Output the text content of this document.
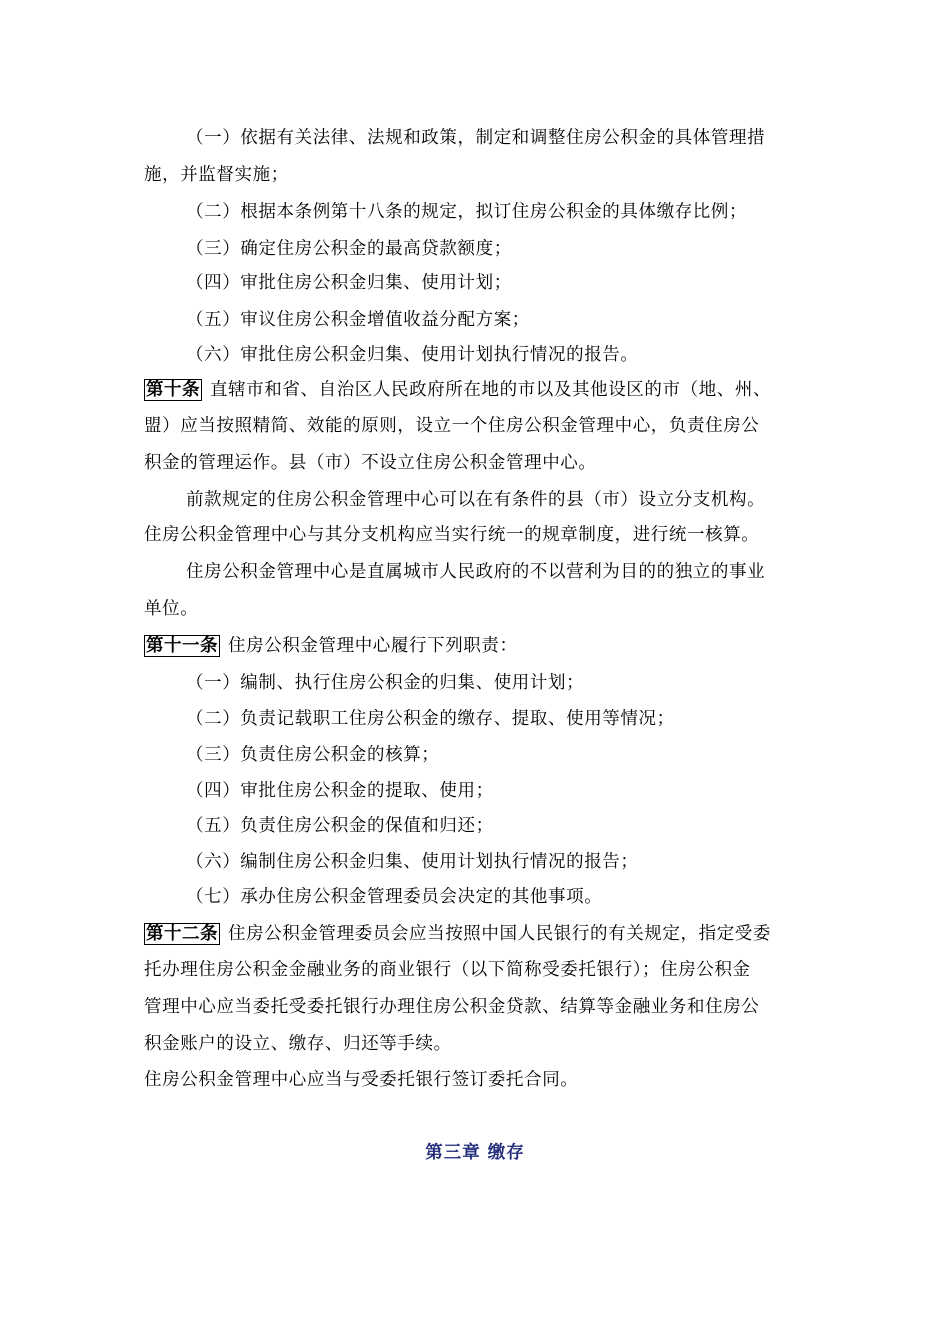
（一）依据有关法律、法规和政策，制定和调整住房公积金的具体管理措
施，并监督实施；
（二）根据本条例第十八条的规定，拟订住房公积金的具体缴存比例；
（三）确定住房公积金的最高贷款额度；
（四）审批住房公积金归集、使用计划；
（五）审议住房公积金增值收益分配方案；
（六）审批住房公积金归集、使用计划执行情况的报告。
第十条 直辖市和省、自治区人民政府所在地的市以及其他设区的市（地、州、
盟）应当按照精简、效能的原则，设立一个住房公积金管理中心，负责住房公
积金的管理运作。县（市）不设立住房公积金管理中心。
前款规定的住房公积金管理中心可以在有条件的县（市）设立分支机构。
住房公积金管理中心与其分支机构应当实行统一的规章制度，进行统一核算。
住房公积金管理中心是直属城市人民政府的不以营利为目的的独立的事业
单位。
第十一条 住房公积金管理中心履行下列职责：
（一）编制、执行住房公积金的归集、使用计划；
（二）负责记载职工住房公积金的缴存、提取、使用等情况；
（三）负责住房公积金的核算；
（四）审批住房公积金的提取、使用；
（五）负责住房公积金的保值和归还；
（六）编制住房公积金归集、使用计划执行情况的报告；
（七）承办住房公积金管理委员会决定的其他事项。
第十二条 住房公积金管理委员会应当按照中国人民银行的有关规定，指定受委
托办理住房公积金金融业务的商业银行（以下简称受委托银行）；住房公积金
管理中心应当委托受委托银行办理住房公积金贷款、结算等金融业务和住房公
积金账户的设立、缴存、归还等手续。
住房公积金管理中心应当与受委托银行签订委托合同。
第三章 缴存
